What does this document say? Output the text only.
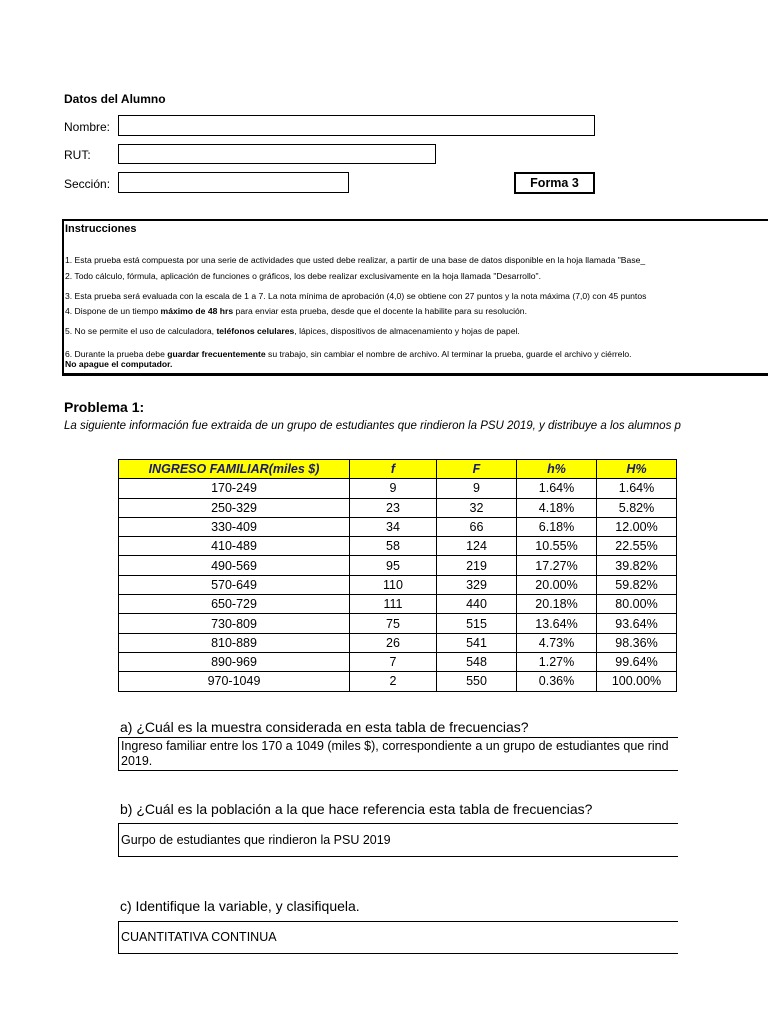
Datos del Alumno
Nombre:
RUT:
Sección:	Forma 3
Instrucciones
1. Esta prueba está compuesta por una serie de actividades que usted debe realizar, a partir de una base de datos disponible en la hoja llamada "Base_
2. Todo cálculo, fórmula, aplicación de funciones o gráficos, los debe realizar exclusivamente en la hoja llamada "Desarrollo".
3. Esta prueba será evaluada con la escala de 1 a 7. La nota mínima de aprobación (4,0) se obtiene con 27 puntos y la nota máxima (7,0) con 45 puntos
4. Dispone de un tiempo máximo de 48 hrs para enviar esta prueba, desde que el docente la habilite para su resolución.
5. No se permite el uso de calculadora, teléfonos celulares, lápices, dispositivos de almacenamiento y hojas de papel.
6. Durante la prueba debe guardar frecuentemente su trabajo, sin cambiar el nombre de archivo. Al terminar la prueba, guarde el archivo y ciérrelo.
No apague el computador.
Problema 1:
La siguiente información fue extraida de un grupo de estudiantes que rindieron la PSU 2019, y distribuye a los alumnos p
INGRESO FAMILIAR(miles $)	f	F	h%	H%
170-249	9	9	1.64%	1.64%
250-329	23	32	4.18%	5.82%
330-409	34	66	6.18%	12.00%
410-489	58	124	10.55%	22.55%
490-569	95	219	17.27%	39.82%
570-649	110	329	20.00%	59.82%
650-729	111	440	20.18%	80.00%
730-809	75	515	13.64%	93.64%
810-889	26	541	4.73%	98.36%
890-969	7	548	1.27%	99.64%
970-1049	2	550	0.36%	100.00%
a) ¿Cuál es la muestra considerada en esta tabla de frecuencias?
Ingreso familiar entre los 170 a 1049 (miles $), correspondiente a un grupo de estudiantes que rind
2019.
b) ¿Cuál es la población a la que hace referencia esta tabla de frecuencias?
Gurpo de estudiantes que rindieron la PSU 2019
c) Identifique la variable, y clasifiquela.
CUANTITATIVA CONTINUA
